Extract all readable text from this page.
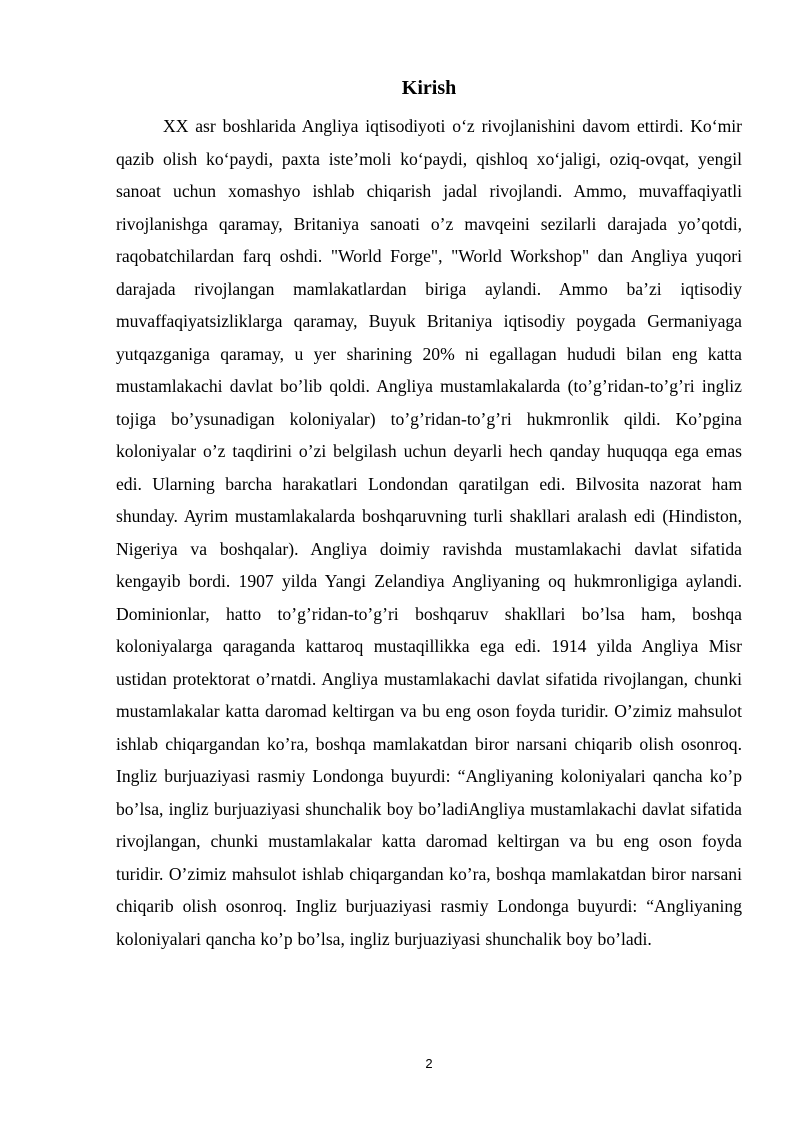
Kirish

XX asr boshlarida Angliya iqtisodiyoti o‘z rivojlanishini davom ettirdi. Ko‘mir qazib olish ko‘paydi, paxta iste’moli ko‘paydi, qishloq xo‘jaligi, oziq-ovqat, yengil sanoat uchun xomashyo ishlab chiqarish jadal rivojlandi. Ammo, muvaffaqiyatli rivojlanishga qaramay, Britaniya sanoati o’z mavqeini sezilarli darajada yo’qotdi, raqobatchilardan farq oshdi. "World Forge", "World Workshop" dan Angliya yuqori darajada rivojlangan mamlakatlardan biriga aylandi. Ammo ba’zi iqtisodiy muvaffaqiyatsizliklarga qaramay, Buyuk Britaniya iqtisodiy poygada Germaniyaga yutqazganiga qaramay, u yer sharining 20% ni egallagan hududi bilan eng katta mustamlakachi davlat bo’lib qoldi. Angliya mustamlakalarda (to’g’ridan-to’g’ri ingliz tojiga bo’ysunadigan koloniyalar) to’g’ridan-to’g’ri hukmronlik qildi. Ko’pgina koloniyalar o’z taqdirini o’zi belgilash uchun deyarli hech qanday huquqqa ega emas edi. Ularning barcha harakatlari Londondan qaratilgan edi. Bilvosita nazorat ham shunday. Ayrim mustamlakalarda boshqaruvning turli shakllari aralash edi (Hindiston, Nigeriya va boshqalar). Angliya doimiy ravishda mustamlakachi davlat sifatida kengayib bordi. 1907 yilda Yangi Zelandiya Angliyaning oq hukmronligiga aylandi. Dominionlar, hatto to’g’ridan-to’g’ri boshqaruv shakllari bo’lsa ham, boshqa koloniyalarga qaraganda kattaroq mustaqillikka ega edi. 1914 yilda Angliya Misr ustidan protektorat o’rnatdi. Angliya mustamlakachi davlat sifatida rivojlangan, chunki mustamlakalar katta daromad keltirgan va bu eng oson foyda turidir. O’zimiz mahsulot ishlab chiqargandan ko’ra, boshqa mamlakatdan biror narsani chiqarib olish osonroq. Ingliz burjuaziyasi rasmiy Londonga buyurdi: “Angliyaning koloniyalari qancha ko’p bo’lsa, ingliz burjuaziyasi shunchalik boy bo’ladiAngliya mustamlakachi davlat sifatida rivojlangan, chunki mustamlakalar katta daromad keltirgan va bu eng oson foyda turidir. O’zimiz mahsulot ishlab chiqargandan ko’ra, boshqa mamlakatdan biror narsani chiqarib olish osonroq. Ingliz burjuaziyasi rasmiy Londonga buyurdi: “Angliyaning koloniyalari qancha ko’p bo’lsa, ingliz burjuaziyasi shunchalik boy bo’ladi.

2
